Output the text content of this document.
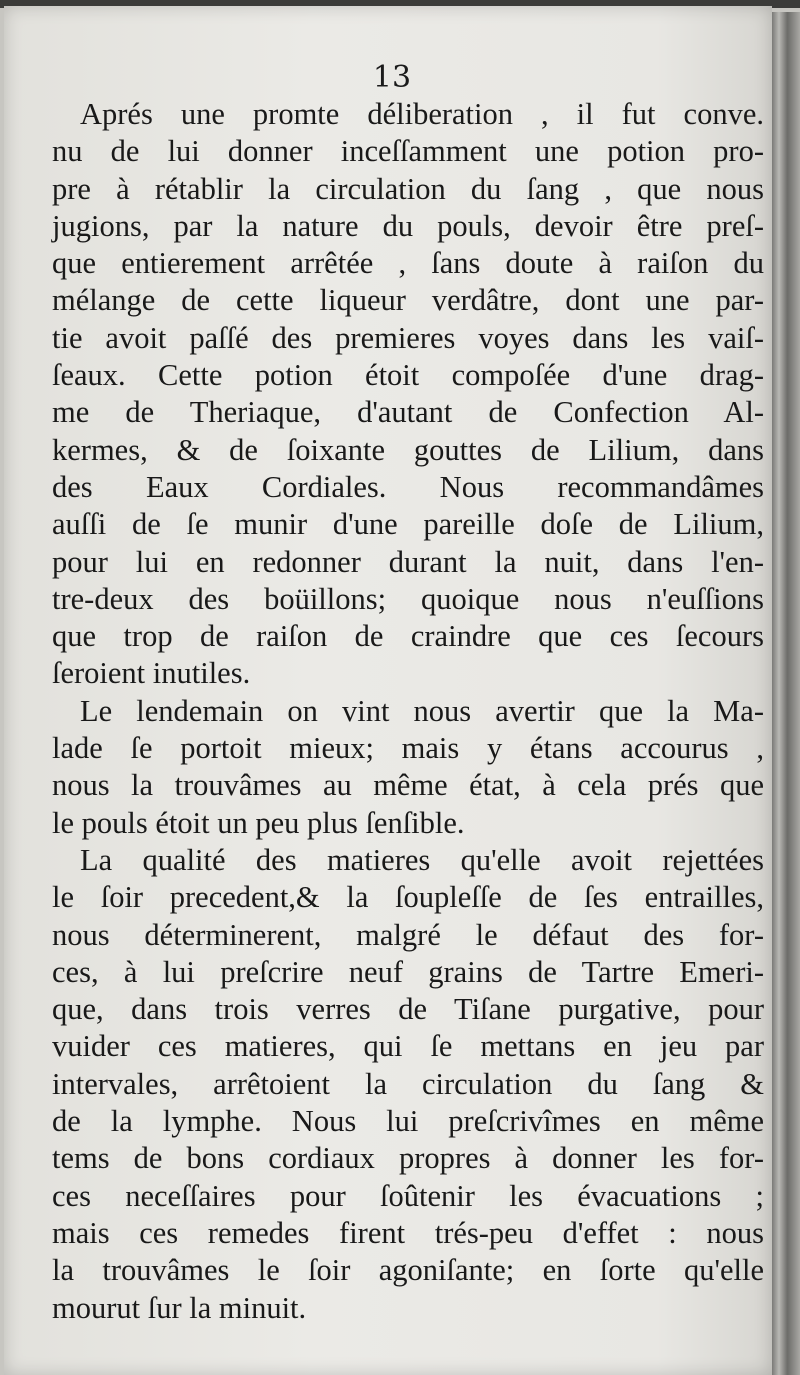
13
Aprés une promte déliberation , il fut conve.
nu de lui donner inceſſamment une potion pro-
pre à rétablir la circulation du ſang , que nous
jugions, par la nature du pouls, devoir être preſ-
que entierement arrêtée , ſans doute à raiſon du
mélange de cette liqueur verdâtre, dont une par-
tie avoit paſſé des premieres voyes dans les vaiſ-
ſeaux. Cette potion étoit compoſée d'une drag-
me de Theriaque, d'autant de Confection Al-
kermes, & de ſoixante gouttes de Lilium, dans
des Eaux Cordiales. Nous recommandâmes
auſſi de ſe munir d'une pareille doſe de Lilium,
pour lui en redonner durant la nuit, dans l'en-
tre-deux des boüillons; quoique nous n'euſſions
que trop de raiſon de craindre que ces ſecours
ſeroient inutiles.
Le lendemain on vint nous avertir que la Ma-
lade ſe portoit mieux; mais y étans accourus ,
nous la trouvâmes au même état, à cela prés que
le pouls étoit un peu plus ſenſible.
La qualité des matieres qu'elle avoit rejettées
le ſoir precedent,& la ſoupleſſe de ſes entrailles,
nous déterminerent, malgré le défaut des for-
ces, à lui preſcrire neuf grains de Tartre Emeri-
que, dans trois verres de Tiſane purgative, pour
vuider ces matieres, qui ſe mettans en jeu par
intervales, arrêtoient la circulation du ſang &
de la lymphe. Nous lui preſcrivîmes en même
tems de bons cordiaux propres à donner les for-
ces neceſſaires pour ſoûtenir les évacuations ;
mais ces remedes firent trés-peu d'effet : nous
la trouvâmes le ſoir agoniſante; en ſorte qu'elle
mourut ſur la minuit.
